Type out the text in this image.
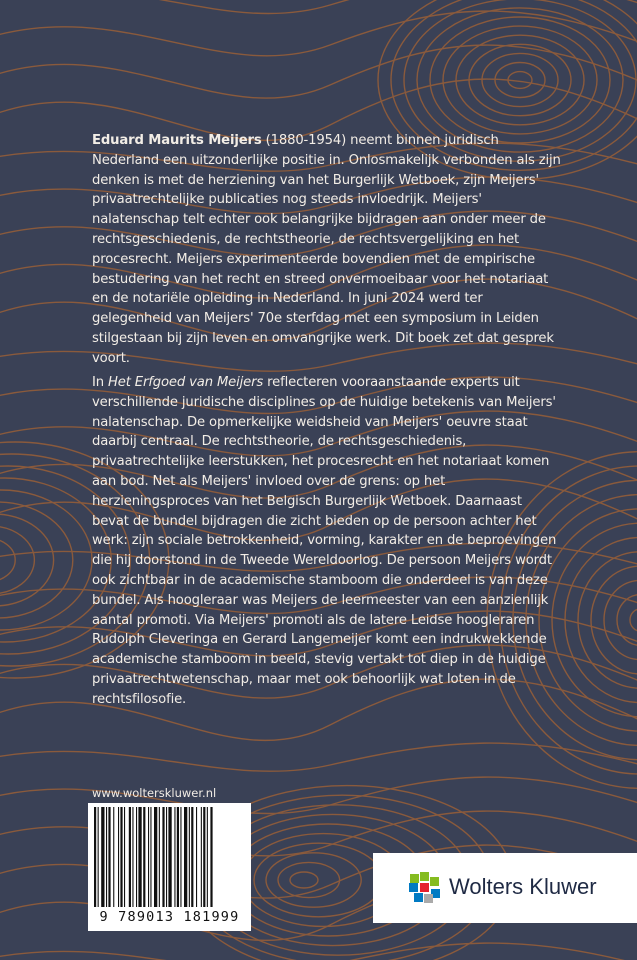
Eduard Maurits Meijers (1880-1954) neemt binnen juridisch Nederland een uitzonderlijke positie in. Onlosmakelijk verbonden als zijn denken is met de herziening van het Burgerlijk Wetboek, zijn Meijers' privaatrechtelijke publicaties nog steeds invloedrijk. Meijers' nalatenschap telt echter ook belangrijke bijdragen aan onder meer de rechtsgeschiedenis, de rechtstheorie, de rechtsvergelijking en het procesrecht. Meijers experimenteerde bovendien met de empirische bestudering van het recht en streed onvermoeibaar voor het notariaat en de notariële opleiding in Nederland. In juni 2024 werd ter gelegenheid van Meijers' 70e sterfdag met een symposium in Leiden stilgestaan bij zijn leven en omvangrijke werk. Dit boek zet dat gesprek voort.

In Het Erfgoed van Meijers reflecteren vooraanstaande experts uit verschillende juridische disciplines op de huidige betekenis van Meijers' nalatenschap. De opmerkelijke weidsheid van Meijers' oeuvre staat daarbij centraal. De rechtstheorie, de rechtsgeschiedenis, privaatrechtelijke leerstukken, het procesrecht en het notariaat komen aan bod. Net als Meijers' invloed over de grens: op het herzieningsproces van het Belgisch Burgerlijk Wetboek. Daarnaast bevat de bundel bijdragen die zicht bieden op de persoon achter het werk: zijn sociale betrokkenheid, vorming, karakter en de beproevingen die hij doorstond in de Tweede Wereldoorlog. De persoon Meijers wordt ook zichtbaar in de academische stamboom die onderdeel is van deze bundel. Als hoogleraar was Meijers de leermeester van een aanzienlijk aantal promoti. Via Meijers' promoti als de latere Leidse hoogleraren Rudolph Cleveringa en Gerard Langemeijer komt een indrukwekkende academische stamboom in beeld, stevig vertakt tot diep in de huidige privaatrechtwetenschap, maar met ook behoorlijk wat loten in de rechtsfilosofie.

www.wolterskluwer.nl
9 789013 181999
Wolters Kluwer
